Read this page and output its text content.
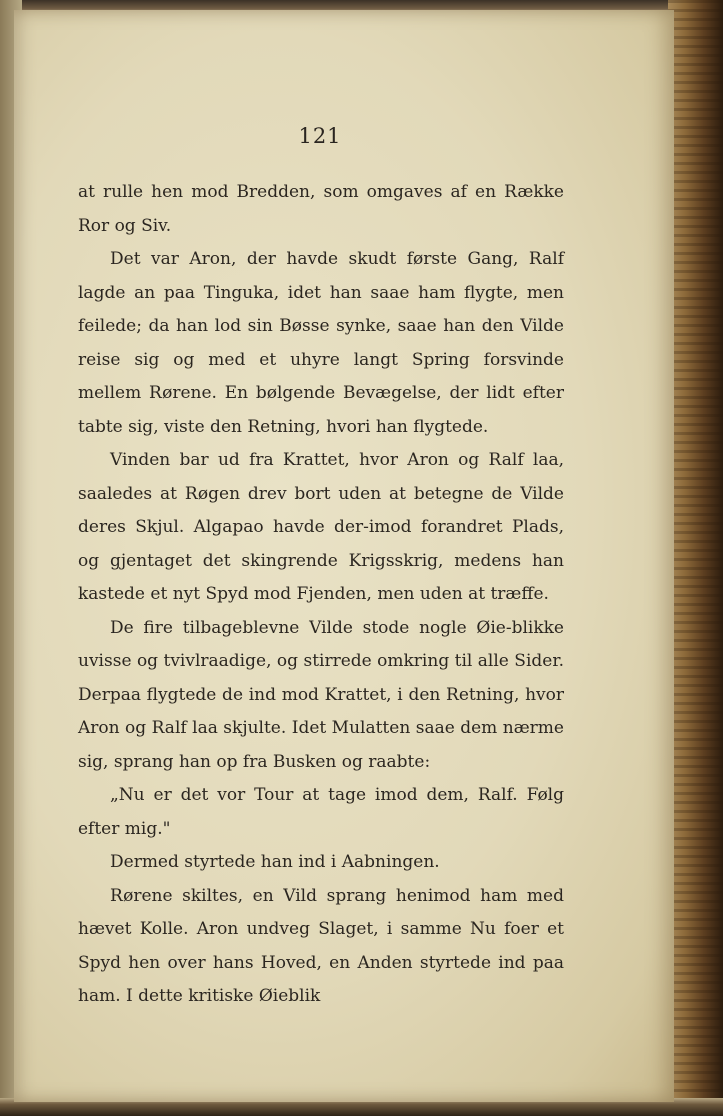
121

at rulle hen mod Bredden, som omgaves af en Række Ror og Siv.

Det var Aron, der havde skudt første Gang, Ralf lagde an paa Tinguka, idet han saae ham flygte, men feilede; da han lod sin Bøsse synke, saae han den Vilde reise sig og med et uhyre langt Spring forsvinde mellem Rørene. En bølgende Bevægelse, der lidt efter tabte sig, viste den Retning, hvori han flygtede.

Vinden bar ud fra Krattet, hvor Aron og Ralf laa, saaledes at Røgen drev bort uden at betegne de Vilde deres Skjul. Algapao havde der-imod forandret Plads, og gjentaget det skingrende Krigsskrig, medens han kastede et nyt Spyd mod Fjenden, men uden at træffe.

De fire tilbageblevne Vilde stode nogle Øie-blikke uvisse og tvivlraadige, og stirrede omkring til alle Sider. Derpaa flygtede de ind mod Krattet, i den Retning, hvor Aron og Ralf laa skjulte. Idet Mulatten saae dem nærme sig, sprang han op fra Busken og raabte:

„Nu er det vor Tour at tage imod dem, Ralf. Følg efter mig."

Dermed styrtede han ind i Aabningen.

Rørene skiltes, en Vild sprang henimod ham med hævet Kolle. Aron undveg Slaget, i samme Nu foer et Spyd hen over hans Hoved, en Anden styrtede ind paa ham. I dette kritiske Øieblik
